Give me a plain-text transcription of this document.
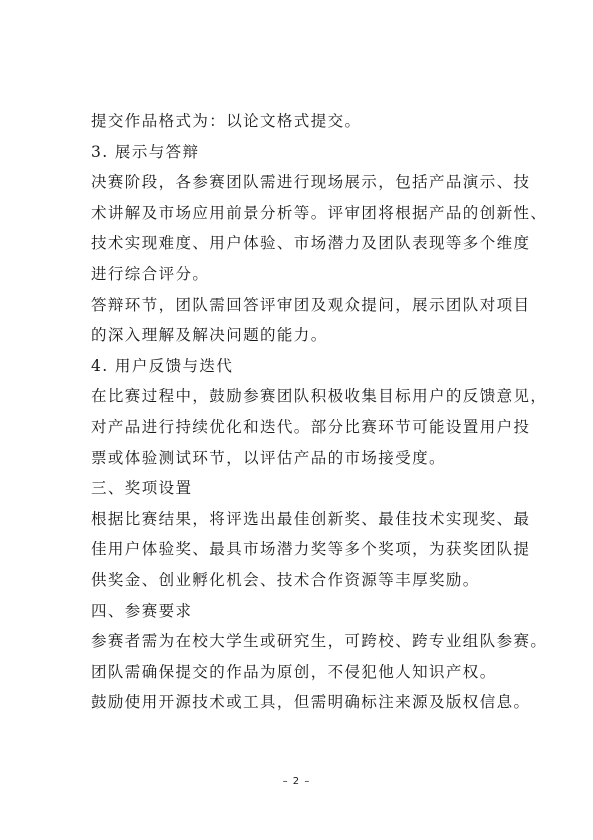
提交作品格式为：以论文格式提交。
3. 展示与答辩
决赛阶段，各参赛团队需进行现场展示，包括产品演示、技
术讲解及市场应用前景分析等。评审团将根据产品的创新性、
技术实现难度、用户体验、市场潜力及团队表现等多个维度
进行综合评分。
答辩环节，团队需回答评审团及观众提问，展示团队对项目
的深入理解及解决问题的能力。
4. 用户反馈与迭代
在比赛过程中，鼓励参赛团队积极收集目标用户的反馈意见，
对产品进行持续优化和迭代。部分比赛环节可能设置用户投
票或体验测试环节，以评估产品的市场接受度。
三、奖项设置
根据比赛结果，将评选出最佳创新奖、最佳技术实现奖、最
佳用户体验奖、最具市场潜力奖等多个奖项，为获奖团队提
供奖金、创业孵化机会、技术合作资源等丰厚奖励。
四、参赛要求
参赛者需为在校大学生或研究生，可跨校、跨专业组队参赛。
团队需确保提交的作品为原创，不侵犯他人知识产权。
鼓励使用开源技术或工具，但需明确标注来源及版权信息。
– 2 –
